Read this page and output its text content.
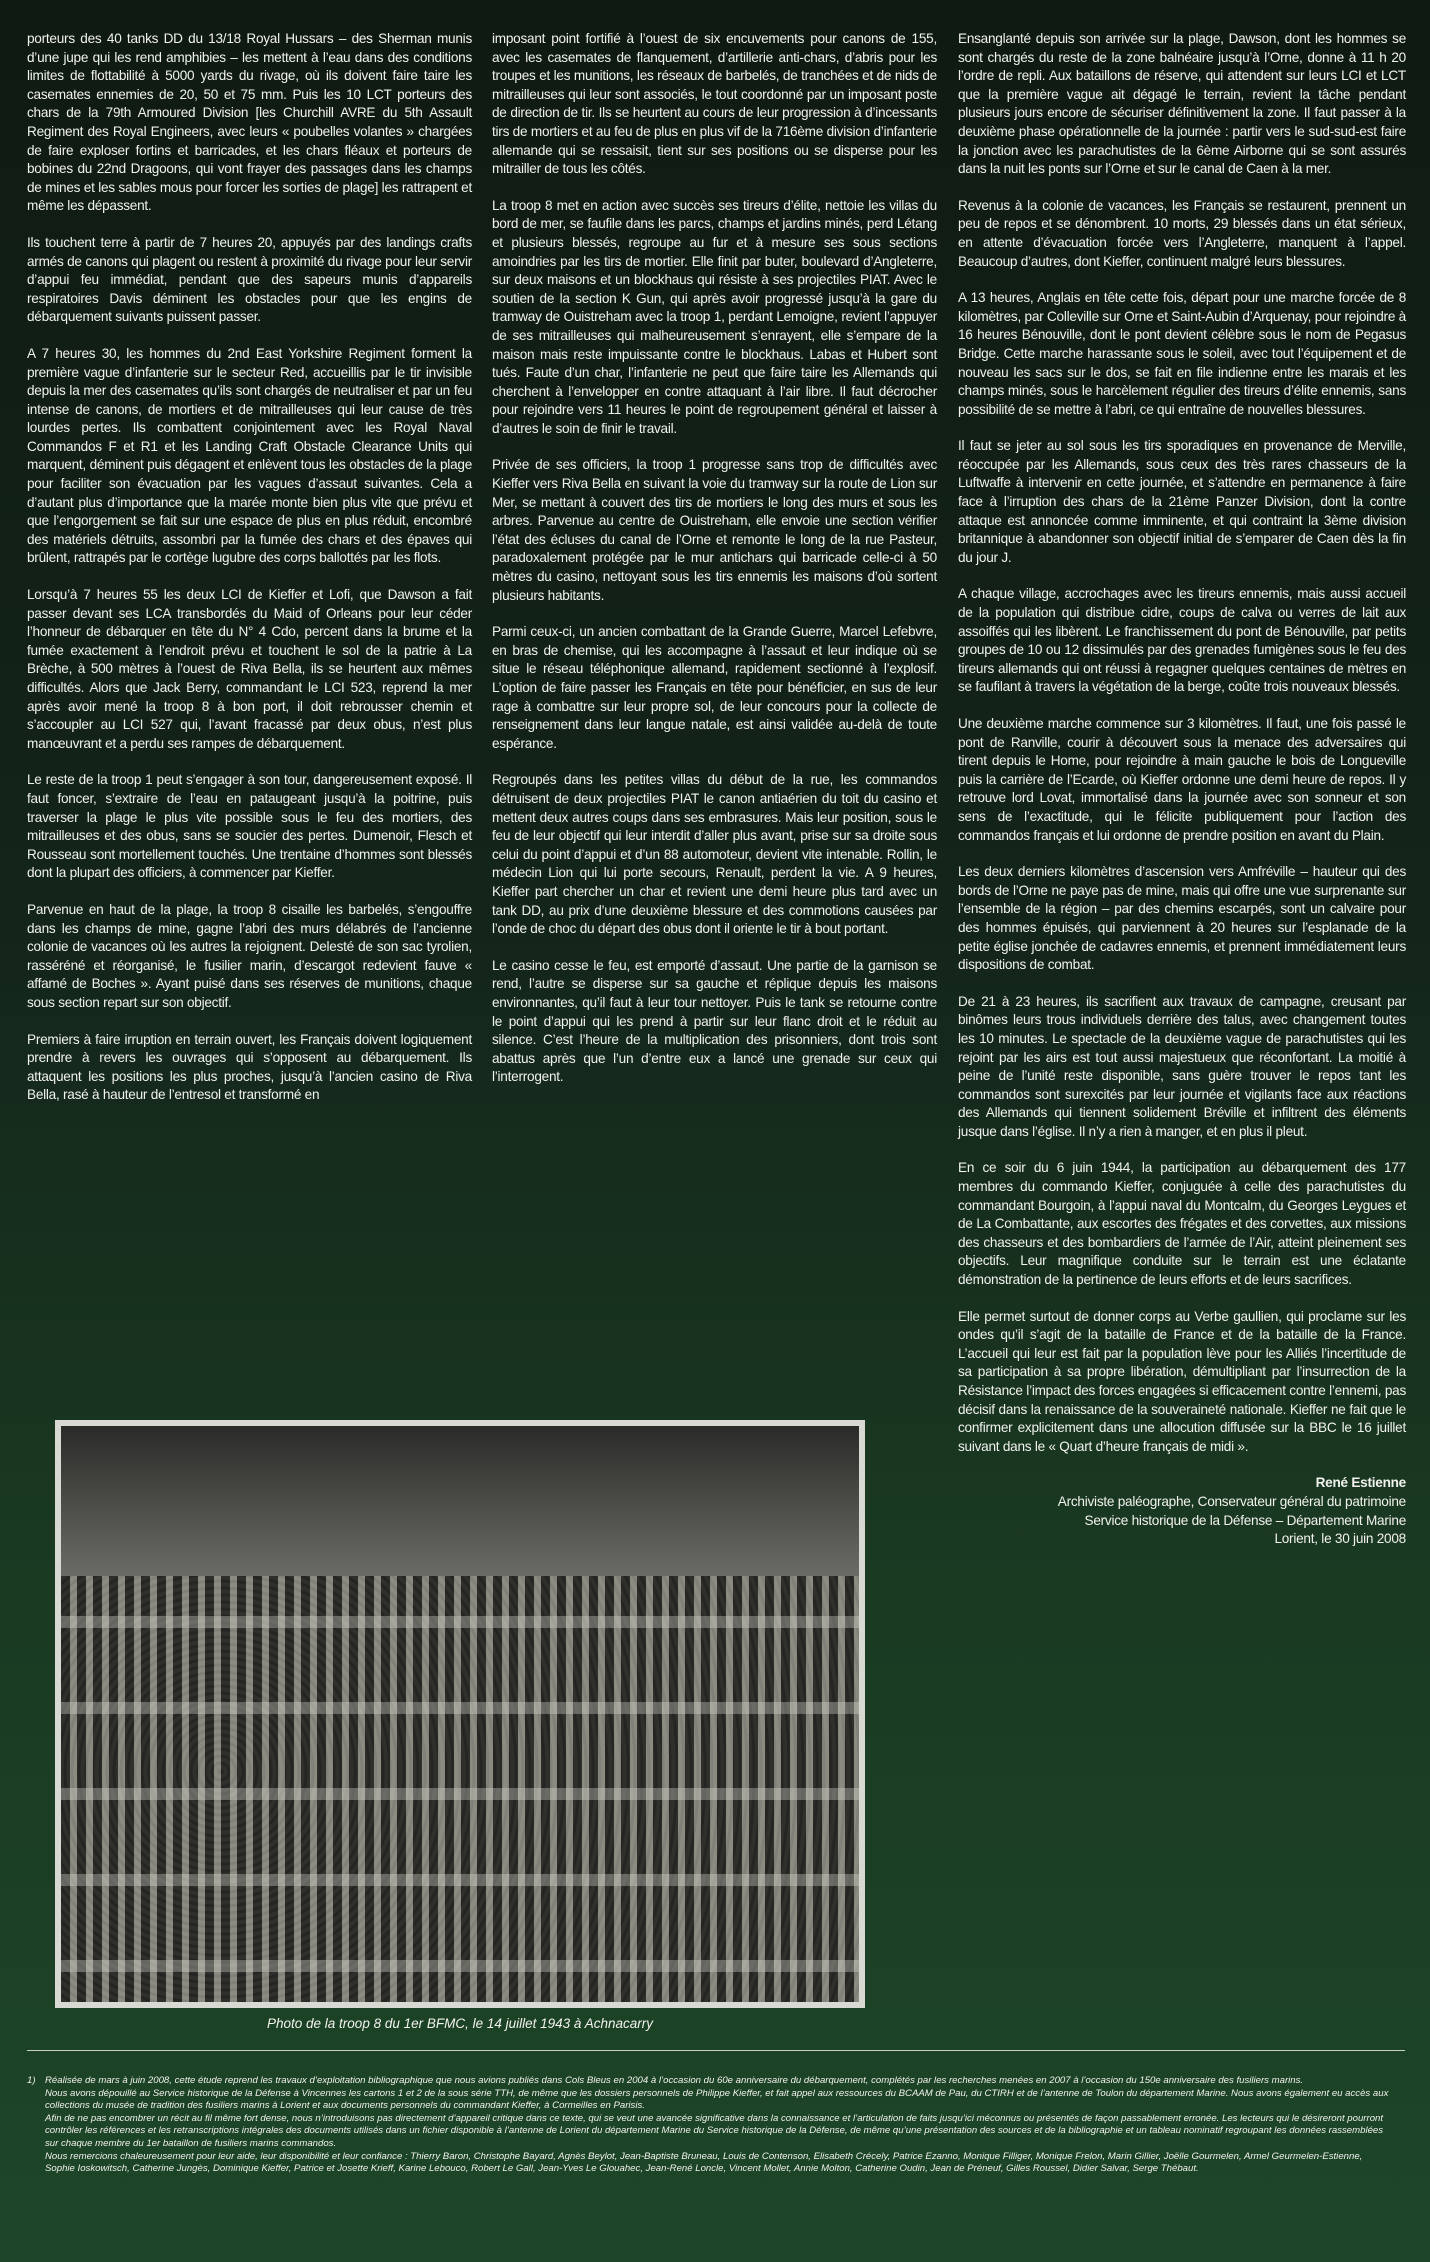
porteurs des 40 tanks DD du 13/18 Royal Hussars – des Sherman munis d’une jupe qui les rend amphibies – les mettent à l’eau dans des conditions limites de flottabilité à 5000 yards du rivage, où ils doivent faire taire les casemates ennemies de 20, 50 et 75 mm. Puis les 10 LCT porteurs des chars de la 79th Armoured Division [les Churchill AVRE du 5th Assault Regiment des Royal Engineers, avec leurs « poubelles volantes » chargées de faire exploser fortins et barricades, et les chars fléaux et porteurs de bobines du 22nd Dragoons, qui vont frayer des passages dans les champs de mines et les sables mous pour forcer les sorties de plage] les rattrapent et même les dépassent.

Ils touchent terre à partir de 7 heures 20, appuyés par des landings crafts armés de canons qui plagent ou restent à proximité du rivage pour leur servir d’appui feu immédiat, pendant que des sapeurs munis d’appareils respiratoires Davis déminent les obstacles pour que les engins de débarquement suivants puissent passer.

A 7 heures 30, les hommes du 2nd East Yorkshire Regiment forment la première vague d’infanterie sur le secteur Red, accueillis par le tir invisible depuis la mer des casemates qu’ils sont chargés de neutraliser et par un feu intense de canons, de mortiers et de mitrailleuses qui leur cause de très lourdes pertes. Ils combattent conjointement avec les Royal Naval Commandos F et R1 et les Landing Craft Obstacle Clearance Units qui marquent, déminent puis dégagent et enlèvent tous les obstacles de la plage pour faciliter son évacuation par les vagues d’assaut suivantes. Cela a d’autant plus d’importance que la marée monte bien plus vite que prévu et que l’engorgement se fait sur une espace de plus en plus réduit, encombré des matériels détruits, assombri par la fumée des chars et des épaves qui brûlent, rattrapés par le cortège lugubre des corps ballottés par les flots.

Lorsqu’à 7 heures 55 les deux LCI de Kieffer et Lofi, que Dawson a fait passer devant ses LCA transbordés du Maid of Orleans pour leur céder l’honneur de débarquer en tête du N° 4 Cdo, percent dans la brume et la fumée exactement à l’endroit prévu et touchent le sol de la patrie à La Brèche, à 500 mètres à l’ouest de Riva Bella, ils se heurtent aux mêmes difficultés. Alors que Jack Berry, commandant le LCI 523, reprend la mer après avoir mené la troop 8 à bon port, il doit rebrousser chemin et s’accoupler au LCI 527 qui, l’avant fracassé par deux obus, n’est plus manœuvrant et a perdu ses rampes de débarquement.

Le reste de la troop 1 peut s’engager à son tour, dangereusement exposé. Il faut foncer, s’extraire de l’eau en pataugeant jusqu’à la poitrine, puis traverser la plage le plus vite possible sous le feu des mortiers, des mitrailleuses et des obus, sans se soucier des pertes. Dumenoir, Flesch et Rousseau sont mortellement touchés. Une trentaine d’hommes sont blessés dont la plupart des officiers, à commencer par Kieffer.

Parvenue en haut de la plage, la troop 8 cisaille les barbelés, s’engouffre dans les champs de mine, gagne l’abri des murs délabrés de l’ancienne colonie de vacances où les autres la rejoignent. Delesté de son sac tyrolien, rasséréné et réorganisé, le fusilier marin, d’escargot redevient fauve « affamé de Boches ». Ayant puisé dans ses réserves de munitions, chaque sous section repart sur son objectif.

Premiers à faire irruption en terrain ouvert, les Français doivent logiquement prendre à revers les ouvrages qui s’opposent au débarquement. Ils attaquent les positions les plus proches, jusqu’à l’ancien casino de Riva Bella, rasé à hauteur de l’entresol et transformé en

imposant point fortifié à l’ouest de six encuvements pour canons de 155, avec les casemates de flanquement, d’artillerie anti-chars, d’abris pour les troupes et les munitions, les réseaux de barbelés, de tranchées et de nids de mitrailleuses qui leur sont associés, le tout coordonné par un imposant poste de direction de tir. Ils se heurtent au cours de leur progression à d’incessants tirs de mortiers et au feu de plus en plus vif de la 716ème division d’infanterie allemande qui se ressaisit, tient sur ses positions ou se disperse pour les mitrailler de tous les côtés.

La troop 8 met en action avec succès ses tireurs d’élite, nettoie les villas du bord de mer, se faufile dans les parcs, champs et jardins minés, perd Létang et plusieurs blessés, regroupe au fur et à mesure ses sous sections amoindries par les tirs de mortier. Elle finit par buter, boulevard d’Angleterre, sur deux maisons et un blockhaus qui résiste à ses projectiles PIAT. Avec le soutien de la section K Gun, qui après avoir progressé jusqu’à la gare du tramway de Ouistreham avec la troop 1, perdant Lemoigne, revient l’appuyer de ses mitrailleuses qui malheureusement s’enrayent, elle s’empare de la maison mais reste impuissante contre le blockhaus. Labas et Hubert sont tués. Faute d’un char, l’infanterie ne peut que faire taire les Allemands qui cherchent à l’envelopper en contre attaquant à l’air libre. Il faut décrocher pour rejoindre vers 11 heures le point de regroupement général et laisser à d’autres le soin de finir le travail.

Privée de ses officiers, la troop 1 progresse sans trop de difficultés avec Kieffer vers Riva Bella en suivant la voie du tramway sur la route de Lion sur Mer, se mettant à couvert des tirs de mortiers le long des murs et sous les arbres. Parvenue au centre de Ouistreham, elle envoie une section vérifier l’état des écluses du canal de l’Orne et remonte le long de la rue Pasteur, paradoxalement protégée par le mur antichars qui barricade celle-ci à 50 mètres du casino, nettoyant sous les tirs ennemis les maisons d’où sortent plusieurs habitants.

Parmi ceux-ci, un ancien combattant de la Grande Guerre, Marcel Lefebvre, en bras de chemise, qui les accompagne à l’assaut et leur indique où se situe le réseau téléphonique allemand, rapidement sectionné à l’explosif. L’option de faire passer les Français en tête pour bénéficier, en sus de leur rage à combattre sur leur propre sol, de leur concours pour la collecte de renseignement dans leur langue natale, est ainsi validée au-delà de toute espérance.

Regroupés dans les petites villas du début de la rue, les commandos détruisent de deux projectiles PIAT le canon antiaérien du toit du casino et mettent deux autres coups dans ses embrasures. Mais leur position, sous le feu de leur objectif qui leur interdit d’aller plus avant, prise sur sa droite sous celui du point d’appui et d’un 88 automoteur, devient vite intenable. Rollin, le médecin Lion qui lui porte secours, Renault, perdent la vie. A 9 heures, Kieffer part chercher un char et revient une demi heure plus tard avec un tank DD, au prix d’une deuxième blessure et des commotions causées par l’onde de choc du départ des obus dont il oriente le tir à bout portant.

Le casino cesse le feu, est emporté d’assaut. Une partie de la garnison se rend, l’autre se disperse sur sa gauche et réplique depuis les maisons environnantes, qu’il faut à leur tour nettoyer. Puis le tank se retourne contre le point d’appui qui les prend à partir sur leur flanc droit et le réduit au silence. C’est l’heure de la multiplication des prisonniers, dont trois sont abattus après que l’un d’entre eux a lancé une grenade sur ceux qui l’interrogent.

Ensanglanté depuis son arrivée sur la plage, Dawson, dont les hommes se sont chargés du reste de la zone balnéaire jusqu’à l’Orne, donne à 11 h 20 l’ordre de repli. Aux bataillons de réserve, qui attendent sur leurs LCI et LCT que la première vague ait dégagé le terrain, revient la tâche pendant plusieurs jours encore de sécuriser définitivement la zone. Il faut passer à la deuxième phase opérationnelle de la journée : partir vers le sud-sud-est faire la jonction avec les parachutistes de la 6ème Airborne qui se sont assurés dans la nuit les ponts sur l’Orne et sur le canal de Caen à la mer.

Revenus à la colonie de vacances, les Français se restaurent, prennent un peu de repos et se dénombrent. 10 morts, 29 blessés dans un état sérieux, en attente d’évacuation forcée vers l’Angleterre, manquent à l’appel. Beaucoup d’autres, dont Kieffer, continuent malgré leurs blessures.

A 13 heures, Anglais en tête cette fois, départ pour une marche forcée de 8 kilomètres, par Colleville sur Orne et Saint-Aubin d’Arquenay, pour rejoindre à 16 heures Bénouville, dont le pont devient célèbre sous le nom de Pegasus Bridge. Cette marche harassante sous le soleil, avec tout l’équipement et de nouveau les sacs sur le dos, se fait en file indienne entre les marais et les champs minés, sous le harcèlement régulier des tireurs d’élite ennemis, sans possibilité de se mettre à l’abri, ce qui entraîne de nouvelles blessures.

Il faut se jeter au sol sous les tirs sporadiques en provenance de Merville, réoccupée par les Allemands, sous ceux des très rares chasseurs de la Luftwaffe à intervenir en cette journée, et s’attendre en permanence à faire face à l’irruption des chars de la 21ème Panzer Division, dont la contre attaque est annoncée comme imminente, et qui contraint la 3ème division britannique à abandonner son objectif initial de s’emparer de Caen dès la fin du jour J.

A chaque village, accrochages avec les tireurs ennemis, mais aussi accueil de la population qui distribue cidre, coups de calva ou verres de lait aux assoiffés qui les libèrent. Le franchissement du pont de Bénouville, par petits groupes de 10 ou 12 dissimulés par des grenades fumigènes sous le feu des tireurs allemands qui ont réussi à regagner quelques centaines de mètres en se faufilant à travers la végétation de la berge, coûte trois nouveaux blessés.

Une deuxième marche commence sur 3 kilomètres. Il faut, une fois passé le pont de Ranville, courir à découvert sous la menace des adversaires qui tirent depuis le Home, pour rejoindre à main gauche le bois de Longueville puis la carrière de l’Ecarde, où Kieffer ordonne une demi heure de repos. Il y retrouve lord Lovat, immortalisé dans la journée avec son sonneur et son sens de l’exactitude, qui le félicite publiquement pour l’action des commandos français et lui ordonne de prendre position en avant du Plain.

Les deux derniers kilomètres d’ascension vers Amfréville – hauteur qui des bords de l’Orne ne paye pas de mine, mais qui offre une vue surprenante sur l’ensemble de la région – par des chemins escarpés, sont un calvaire pour des hommes épuisés, qui parviennent à 20 heures sur l’esplanade de la petite église jonchée de cadavres ennemis, et prennent immédiatement leurs dispositions de combat.

De 21 à 23 heures, ils sacrifient aux travaux de campagne, creusant par binômes leurs trous individuels derrière des talus, avec changement toutes les 10 minutes. Le spectacle de la deuxième vague de parachutistes qui les rejoint par les airs est tout aussi majestueux que réconfortant. La moitié à peine de l’unité reste disponible, sans guère trouver le repos tant les commandos sont surexcités par leur journée et vigilants face aux réactions des Allemands qui tiennent solidement Bréville et infiltrent des éléments jusque dans l’église. Il n’y a rien à manger, et en plus il pleut.

En ce soir du 6 juin 1944, la participation au débarquement des 177 membres du commando Kieffer, conjuguée à celle des parachutistes du commandant Bourgoin, à l’appui naval du Montcalm, du Georges Leygues et de La Combattante, aux escortes des frégates et des corvettes, aux missions des chasseurs et des bombardiers de l’armée de l’Air, atteint pleinement ses objectifs. Leur magnifique conduite sur le terrain est une éclatante démonstration de la pertinence de leurs efforts et de leurs sacrifices.

Elle permet surtout de donner corps au Verbe gaullien, qui proclame sur les ondes qu’il s’agit de la bataille de France et de la bataille de la France. L’accueil qui leur est fait par la population lève pour les Alliés l’incertitude de sa participation à sa propre libération, démultipliant par l’insurrection de la Résistance l’impact des forces engagées si efficacement contre l’ennemi, pas décisif dans la renaissance de la souveraineté nationale. Kieffer ne fait que le confirmer explicitement dans une allocution diffusée sur la BBC le 16 juillet suivant dans le « Quart d’heure français de midi ».

René Estienne
Archiviste paléographe, Conservateur général du patrimoine
Service historique de la Défense – Département Marine
Lorient, le 30 juin 2008
Photo de la troop 8 du 1er BFMC, le 14 juillet 1943 à Achnacarry
1) Réalisée de mars à juin 2008, cette étude reprend les travaux d’exploitation bibliographique que nous avions publiés dans Cols Bleus en 2004 à l’occasion du 60e anniversaire du débarquement, complétés par les recherches menées en 2007 à l’occasion du 150e anniversaire des fusiliers marins.
Nous avons dépouillé au Service historique de la Défense à Vincennes les cartons 1 et 2 de la sous série TTH, de même que les dossiers personnels de Philippe Kieffer, et fait appel aux ressources du BCAAM de Pau, du CTIRH et de l’antenne de Toulon du département Marine. Nous avons également eu accès aux collections du musée de tradition des fusiliers marins à Lorient et aux documents personnels du commandant Kieffer, à Cormeilles en Parisis.
Afin de ne pas encombrer un récit au fil même fort dense, nous n’introduisons pas directement d’appareil critique dans ce texte, qui se veut une avancée significative dans la connaissance et l’articulation de faits jusqu’ici méconnus ou présentés de façon passablement erronée. Les lecteurs qui le désireront pourront contrôler les références et les retranscriptions intégrales des documents utilisés dans un fichier disponible à l’antenne de Lorient du département Marine du Service historique de la Défense, de même qu’une présentation des sources et de la bibliographie et un tableau nominatif regroupant les données rassemblées sur chaque membre du 1er bataillon de fusiliers marins commandos.
Nous remercions chaleureusement pour leur aide, leur disponibilité et leur confiance : Thierry Baron, Christophe Bayard, Agnès Beylot, Jean-Baptiste Bruneau, Louis de Contenson, Elisabeth Crécely, Patrice Ezanno, Monique Filliger, Monique Frelon, Marin Gillier, Joëlle Gourmelen, Armel Geurmelen-Estienne, Sophie Ioskowitsch, Catherine Jungès, Dominique Kieffer, Patrice et Josette Krieff, Karine Lebouco, Robert Le Gall, Jean-Yves Le Glouahec, Jean-René Loncle, Vincent Mollet, Annie Molton, Catherine Oudin, Jean de Préneuf, Gilles Roussel, Didier Salvar, Serge Thébaut.
